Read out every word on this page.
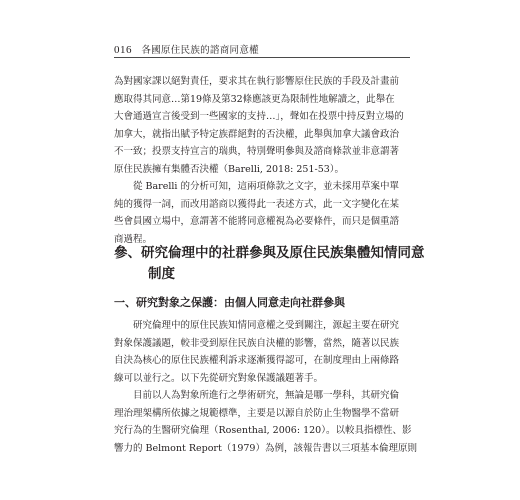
016 各國原住民族的諮商同意權
為對國家課以絕對責任，要求其在執行影響原住民族的手段及計畫前
應取得其同意…第19條及第32條應該更為限制性地解讀之，此舉在
大會通過宣言後受到一些國家的支持…」，聲如在投票中持反對立場的
加拿大，就指出賦予特定族群絕對的否決權，此舉與加拿大議會政治
不一致；投票支持宣言的瑞典，特別聲明參與及諮商條款並非意謂著
原住民族擁有集體否決權（Barelli, 2018: 251-53）。
從 Barelli 的分析可知，這兩項條款之文字，並未採用草案中單
純的獲得一詞，而改用諮商以獲得此一表述方式，此一文字變化在某
些會員國立場中，意謂著不能將同意權視為必要條件，而只是個重諮
商過程。
參、研究倫理中的社群參與及原住民族集體知情同意
制度
一、研究對象之保護：由個人同意走向社群參與
研究倫理中的原住民族知情同意權之受到關注，源起主要在研究
對象保護議題，較非受到原住民族自決權的影響，當然，隨著以民族
自決為核心的原住民族權利訴求逐漸獲得認可，在制度理由上兩條路
線可以並行之。以下先從研究對象保護議題著手。
目前以人為對象所進行之學術研究，無論是哪一學科，其研究倫
理治理架構所依據之規範標準，主要是以源自於防止生物醫學不當研
究行為的生醫研究倫理（Rosenthal, 2006: 120）。以較具指標性、影
響力的 Belmont Report（1979）為例，該報告書以三項基本倫理原則
